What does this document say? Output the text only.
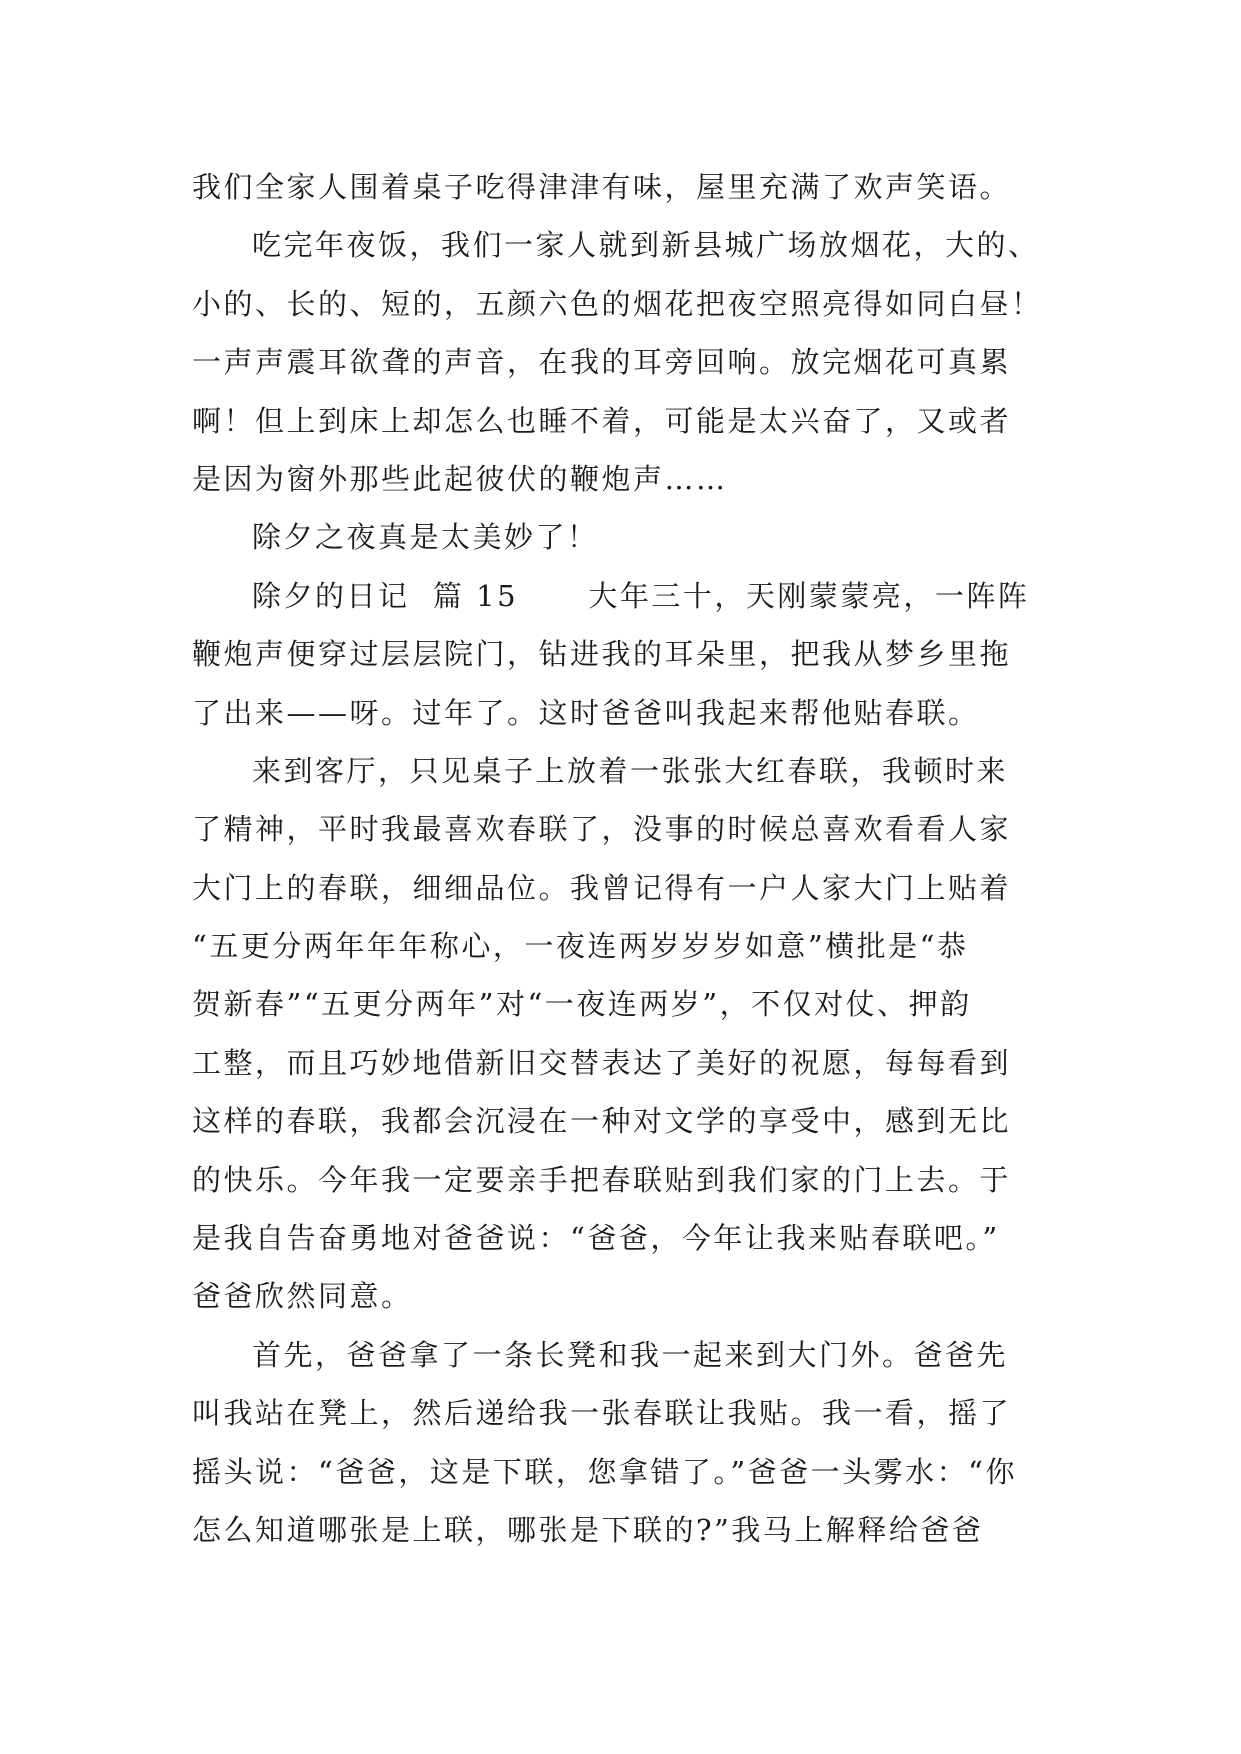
我们全家人围着桌子吃得津津有味，屋里充满了欢声笑语。
吃完年夜饭，我们一家人就到新县城广场放烟花，大的、
小的、长的、短的，五颜六色的烟花把夜空照亮得如同白昼！
一声声震耳欲聋的声音，在我的耳旁回响。放完烟花可真累
啊！但上到床上却怎么也睡不着，可能是太兴奋了，又或者
是因为窗外那些此起彼伏的鞭炮声……
除夕之夜真是太美妙了！
除夕的日记  篇 15      大年三十，天刚蒙蒙亮，一阵阵
鞭炮声便穿过层层院门，钻进我的耳朵里，把我从梦乡里拖
了出来——呀。过年了。这时爸爸叫我起来帮他贴春联。
来到客厅，只见桌子上放着一张张大红春联，我顿时来
了精神，平时我最喜欢春联了，没事的时候总喜欢看看人家
大门上的春联，细细品位。我曾记得有一户人家大门上贴着
“五更分两年年年称心，一夜连两岁岁岁如意”横批是“恭
贺新春”“五更分两年”对“一夜连两岁”，不仅对仗、押韵
工整，而且巧妙地借新旧交替表达了美好的祝愿，每每看到
这样的春联，我都会沉浸在一种对文学的享受中，感到无比
的快乐。今年我一定要亲手把春联贴到我们家的门上去。于
是我自告奋勇地对爸爸说：“爸爸，今年让我来贴春联吧。”
爸爸欣然同意。
首先，爸爸拿了一条长凳和我一起来到大门外。爸爸先
叫我站在凳上，然后递给我一张春联让我贴。我一看，摇了
摇头说：“爸爸，这是下联，您拿错了。”爸爸一头雾水：“你
怎么知道哪张是上联，哪张是下联的?”我马上解释给爸爸
